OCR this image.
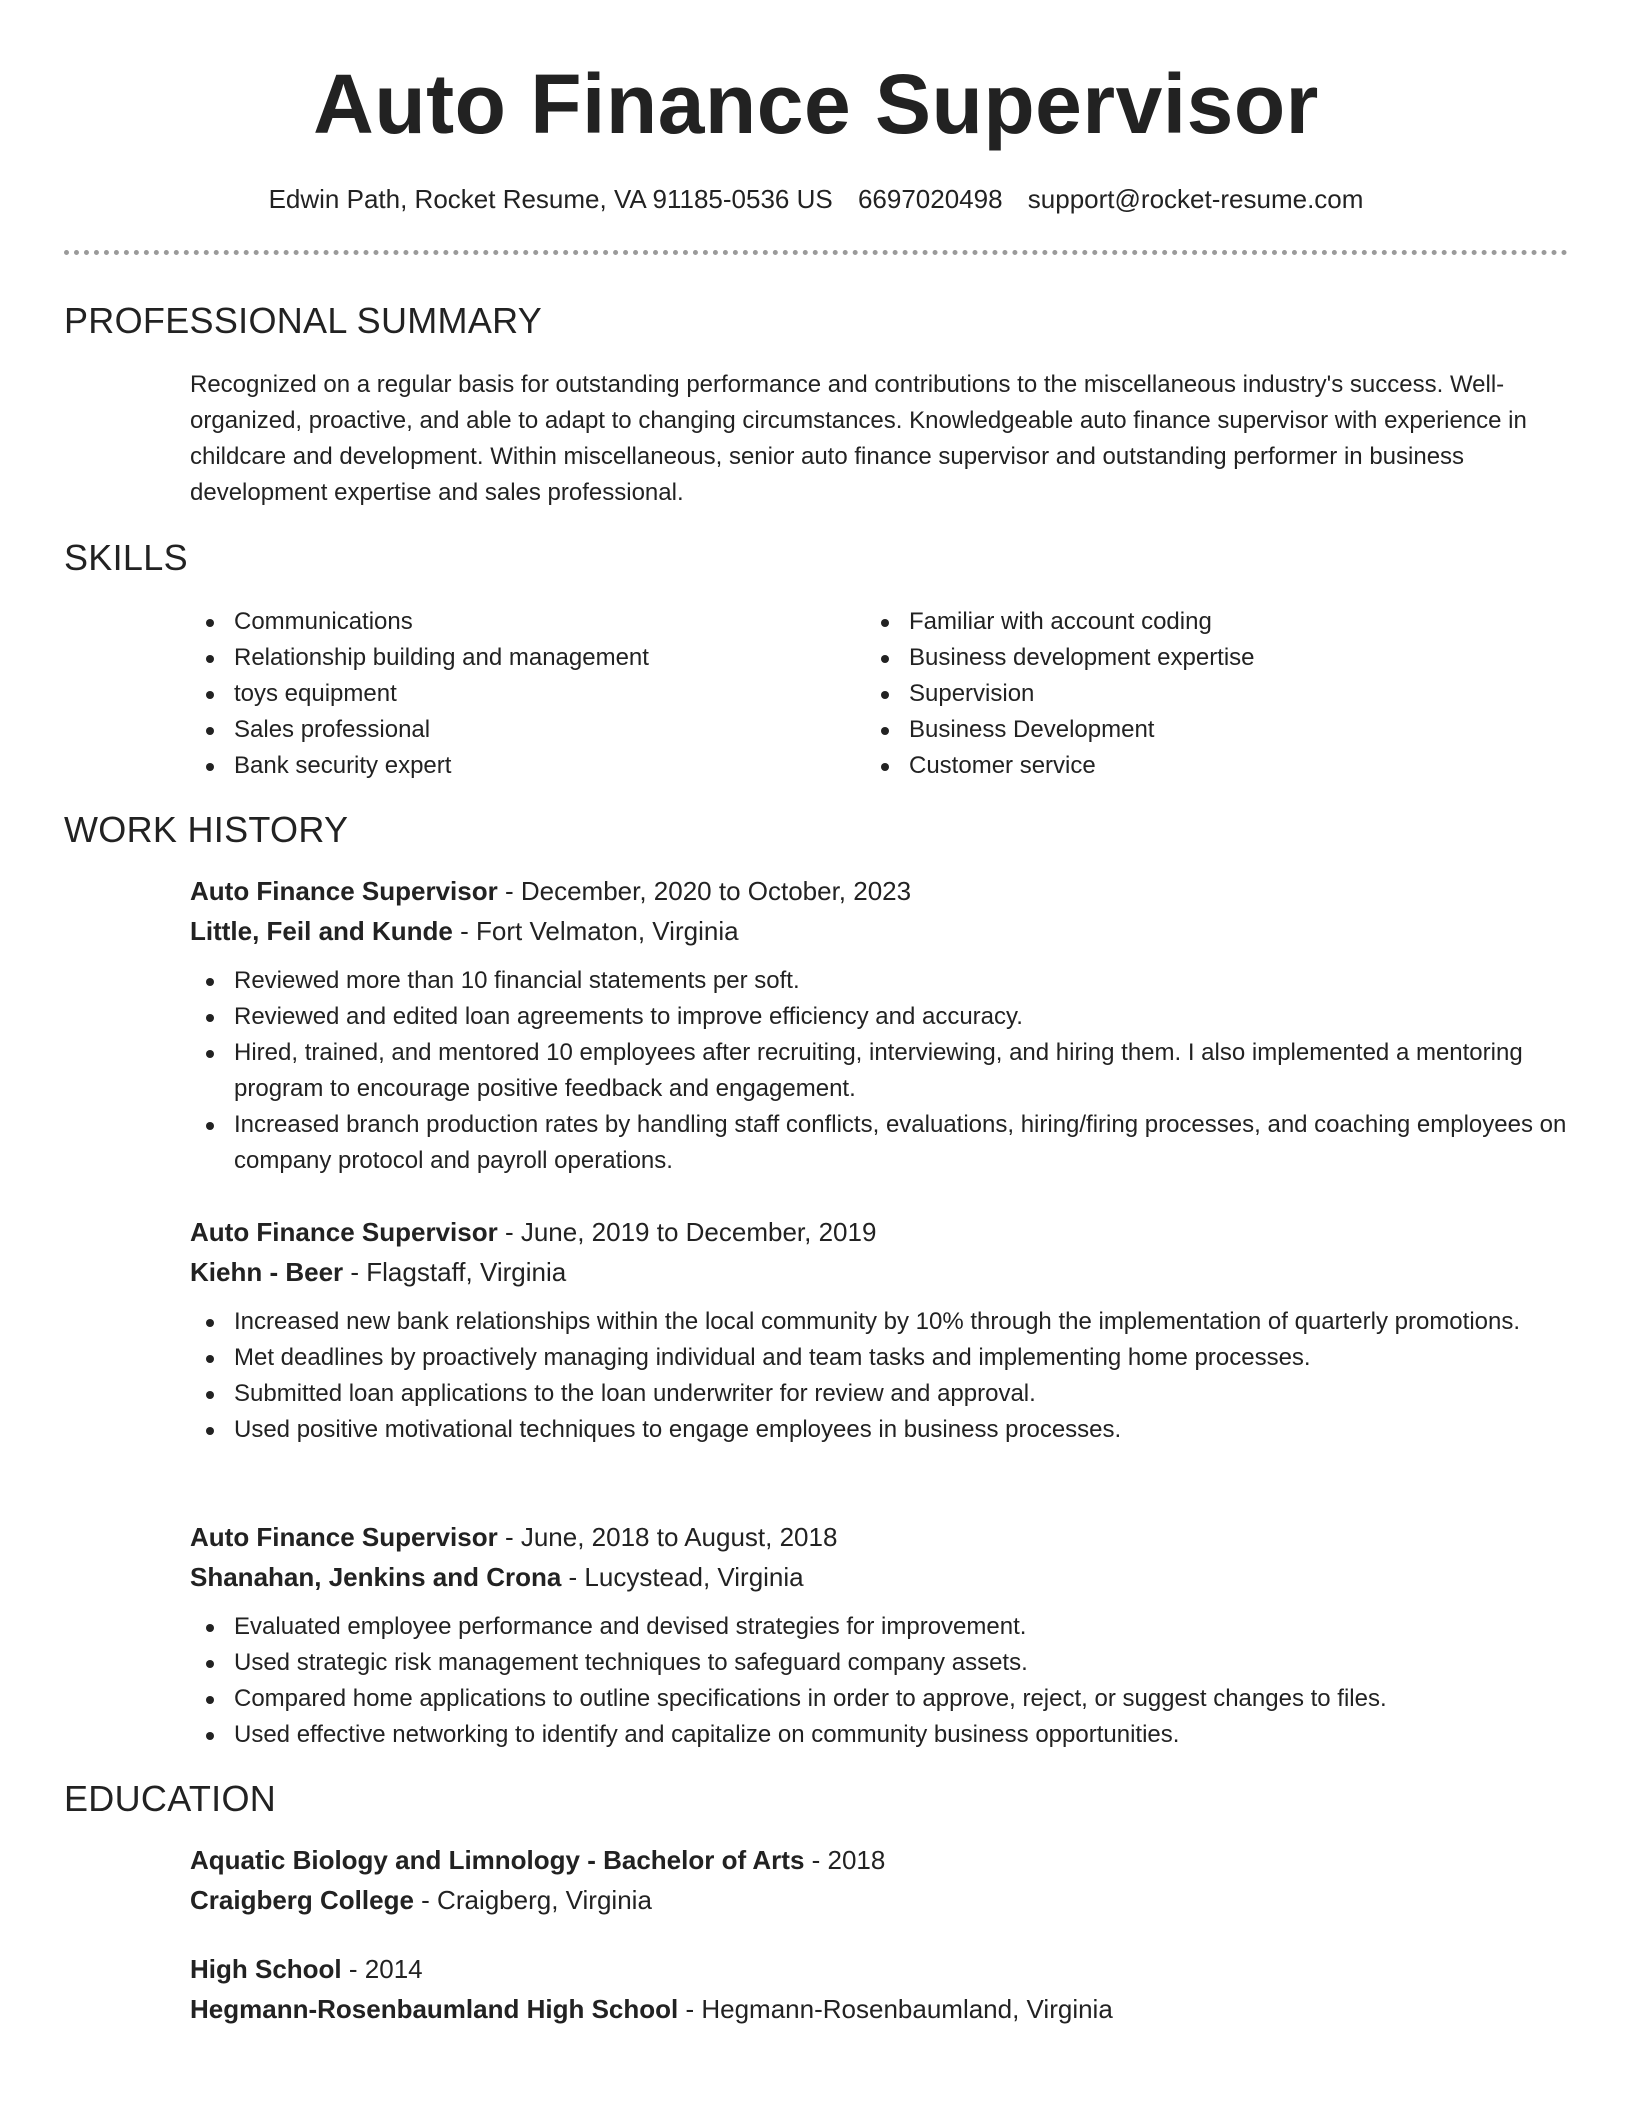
Auto Finance Supervisor
Edwin Path, Rocket Resume, VA 91185-0536 US 6697020498 support@rocket-resume.com
PROFESSIONAL SUMMARY

Recognized on a regular basis for outstanding performance and contributions to the miscellaneous industry's success. Well-organized, proactive, and able to adapt to changing circumstances. Knowledgeable auto finance supervisor with experience in childcare and development. Within miscellaneous, senior auto finance supervisor and outstanding performer in business development expertise and sales professional.

SKILLS
Communications
Relationship building and management
toys equipment
Sales professional
Bank security expert
Familiar with account coding
Business development expertise
Supervision
Business Development
Customer service
WORK HISTORY
Auto Finance Supervisor - December, 2020 to October, 2023
Little, Feil and Kunde - Fort Velmaton, Virginia
Reviewed more than 10 financial statements per soft.
Reviewed and edited loan agreements to improve efficiency and accuracy.
Hired, trained, and mentored 10 employees after recruiting, interviewing, and hiring them. I also implemented a mentoring program to encourage positive feedback and engagement.
Increased branch production rates by handling staff conflicts, evaluations, hiring/firing processes, and coaching employees on company protocol and payroll operations.
Auto Finance Supervisor - June, 2019 to December, 2019
Kiehn - Beer - Flagstaff, Virginia
Increased new bank relationships within the local community by 10% through the implementation of quarterly promotions.
Met deadlines by proactively managing individual and team tasks and implementing home processes.
Submitted loan applications to the loan underwriter for review and approval.
Used positive motivational techniques to engage employees in business processes.
Auto Finance Supervisor - June, 2018 to August, 2018
Shanahan, Jenkins and Crona - Lucystead, Virginia
Evaluated employee performance and devised strategies for improvement.
Used strategic risk management techniques to safeguard company assets.
Compared home applications to outline specifications in order to approve, reject, or suggest changes to files.
Used effective networking to identify and capitalize on community business opportunities.
EDUCATION
Aquatic Biology and Limnology - Bachelor of Arts - 2018
Craigberg College - Craigberg, Virginia
High School - 2014
Hegmann-Rosenbaumland High School - Hegmann-Rosenbaumland, Virginia
